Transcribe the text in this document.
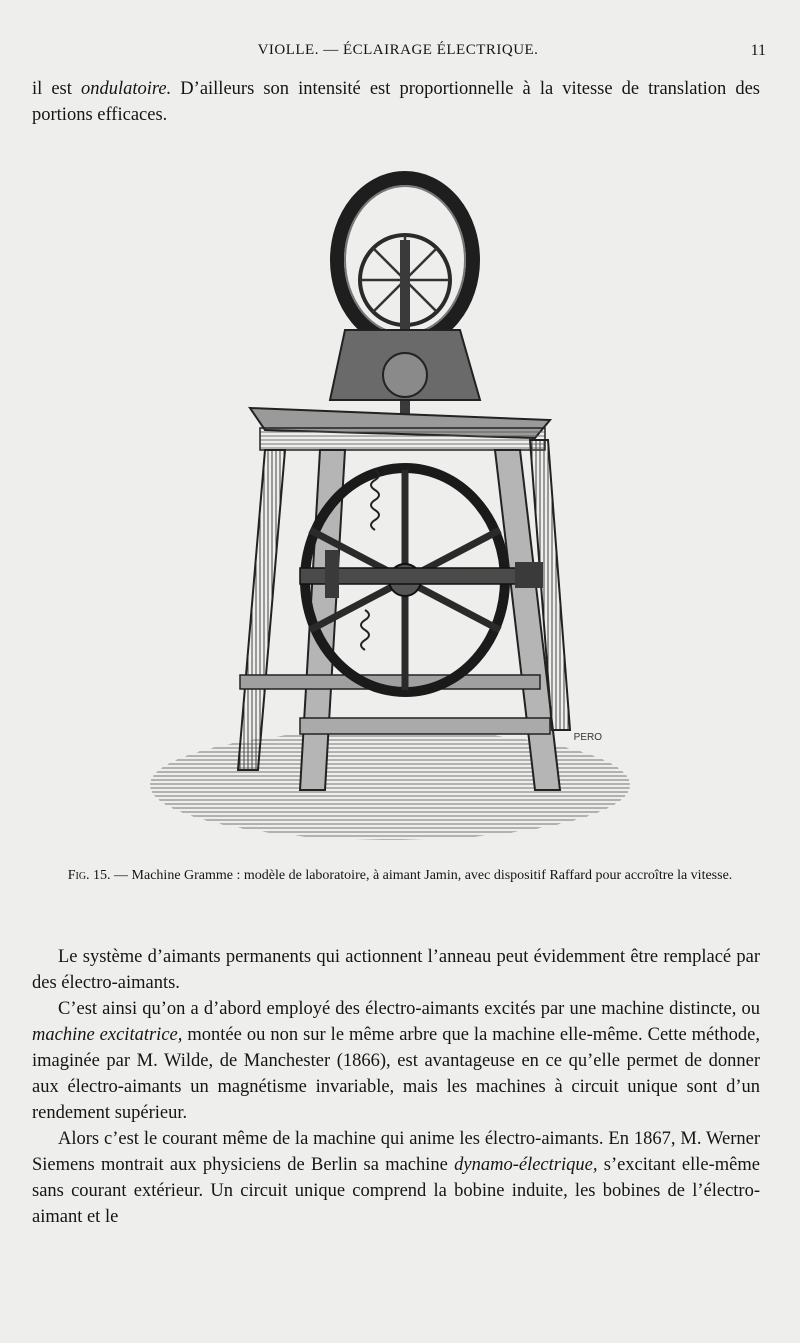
VIOLLE. — ÉCLAIRAGE ÉLECTRIQUE.	11

il est ondulatoire. D’ailleurs son intensité est proportionnelle à la vitesse de translation des portions efficaces.

PERO
Fig. 15. — Machine Gramme : modèle de laboratoire, à aimant Jamin, avec dispositif Raffard pour accroître la vitesse.

Le système d’aimants permanents qui actionnent l’anneau peut évidemment être remplacé par des électro-aimants.

C’est ainsi qu’on a d’abord employé des électro-aimants excités par une machine distincte, ou machine excitatrice, montée ou non sur le même arbre que la machine elle-même. Cette méthode, imaginée par M. Wilde, de Manchester (1866), est avantageuse en ce qu’elle permet de donner aux électro-aimants un magnétisme invariable, mais les machines à circuit unique sont d’un rendement supérieur.

Alors c’est le courant même de la machine qui anime les électro-aimants. En 1867, M. Werner Siemens montrait aux physiciens de Berlin sa machine dynamo-électrique, s’excitant elle-même sans courant extérieur. Un circuit unique comprend la bobine induite, les bobines de l’électro-aimant et le
